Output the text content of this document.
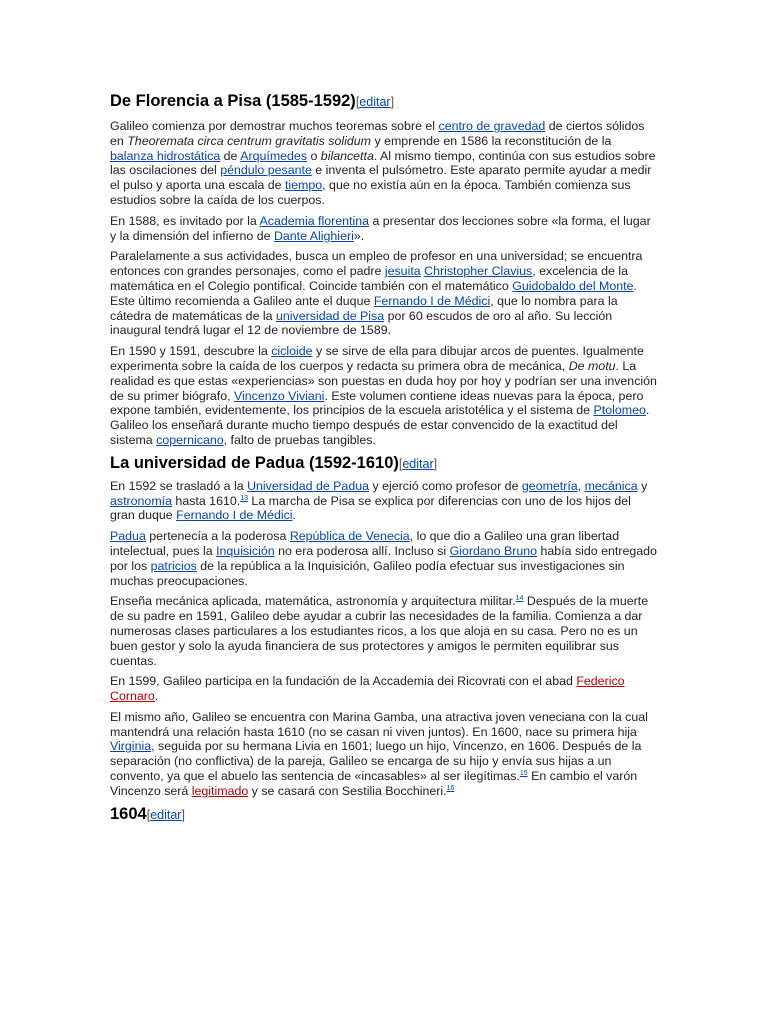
De Florencia a Pisa (1585-1592)[editar]

Galileo comienza por demostrar muchos teoremas sobre el centro de gravedad de ciertos sólidos en Theoremata circa centrum gravitatis solidum y emprende en 1586 la reconstitución de la balanza hidrostática de Arquímedes o bilancetta. Al mismo tiempo, continúa con sus estudios sobre las oscilaciones del péndulo pesante e inventa el pulsómetro. Este aparato permite ayudar a medir el pulso y aporta una escala de tiempo, que no existía aún en la época. También comienza sus estudios sobre la caída de los cuerpos.

En 1588, es invitado por la Academia florentina a presentar dos lecciones sobre «la forma, el lugar y la dimensión del infierno de Dante Alighieri».

Paralelamente a sus actividades, busca un empleo de profesor en una universidad; se encuentra entonces con grandes personajes, como el padre jesuita Christopher Clavius, excelencia de la matemática en el Colegio pontifical. Coincide también con el matemático Guidobaldo del Monte. Este último recomienda a Galileo ante el duque Fernando I de Médici, que lo nombra para la cátedra de matemáticas de la universidad de Pisa por 60 escudos de oro al año. Su lección inaugural tendrá lugar el 12 de noviembre de 1589.

En 1590 y 1591, descubre la cicloide y se sirve de ella para dibujar arcos de puentes. Igualmente experimenta sobre la caída de los cuerpos y redacta su primera obra de mecánica, De motu. La realidad es que estas «experiencias» son puestas en duda hoy por hoy y podrían ser una invención de su primer biógrafo, Vincenzo Viviani. Este volumen contiene ideas nuevas para la época, pero expone también, evidentemente, los principios de la escuela aristotélica y el sistema de Ptolomeo. Galileo los enseñará durante mucho tiempo después de estar convencido de la exactitud del sistema copernicano, falto de pruebas tangibles.

La universidad de Padua (1592-1610)[editar]

En 1592 se trasladó a la Universidad de Padua y ejerció como profesor de geometría, mecánica y astronomía hasta 1610.13 La marcha de Pisa se explica por diferencias con uno de los hijos del gran duque Fernando I de Médici.

Padua pertenecía a la poderosa República de Venecia, lo que dio a Galileo una gran libertad intelectual, pues la Inquisición no era poderosa allí. Incluso si Giordano Bruno había sido entregado por los patricios de la república a la Inquisición, Galileo podía efectuar sus investigaciones sin muchas preocupaciones.

Enseña mecánica aplicada, matemática, astronomía y arquitectura militar.$^{14}$ Después de la muerte de su padre en 1591, Galileo debe ayudar a cubrir las necesidades de la familia. Comienza a dar numerosas clases particulares a los estudiantes ricos, a los que aloja en su casa. Pero no es un buen gestor y solo la ayuda financiera de sus protectores y amigos le permiten equilibrar sus cuentas.

En 1599, Galileo participa en la fundación de la Accademia dei Ricovrati con el abad Federico Cornaro.

El mismo año, Galileo se encuentra con Marina Gamba, una atractiva joven veneciana con la cual mantendrá una relación hasta 1610 (no se casan ni viven juntos). En 1600, nace su primera hija Virginia, seguida por su hermana Livia en 1601; luego un hijo, Vincenzo, en 1606. Después de la separación (no conflictiva) de la pareja, Galileo se encarga de su hijo y envía sus hijas a un convento, ya que el abuelo las sentencia de «incasables» al ser ilegítimas.$^{15}$ En cambio el varón Vincenzo será legitimado y se casará con Sestilia Bocchineri.$^{16}$

1604[editar]
